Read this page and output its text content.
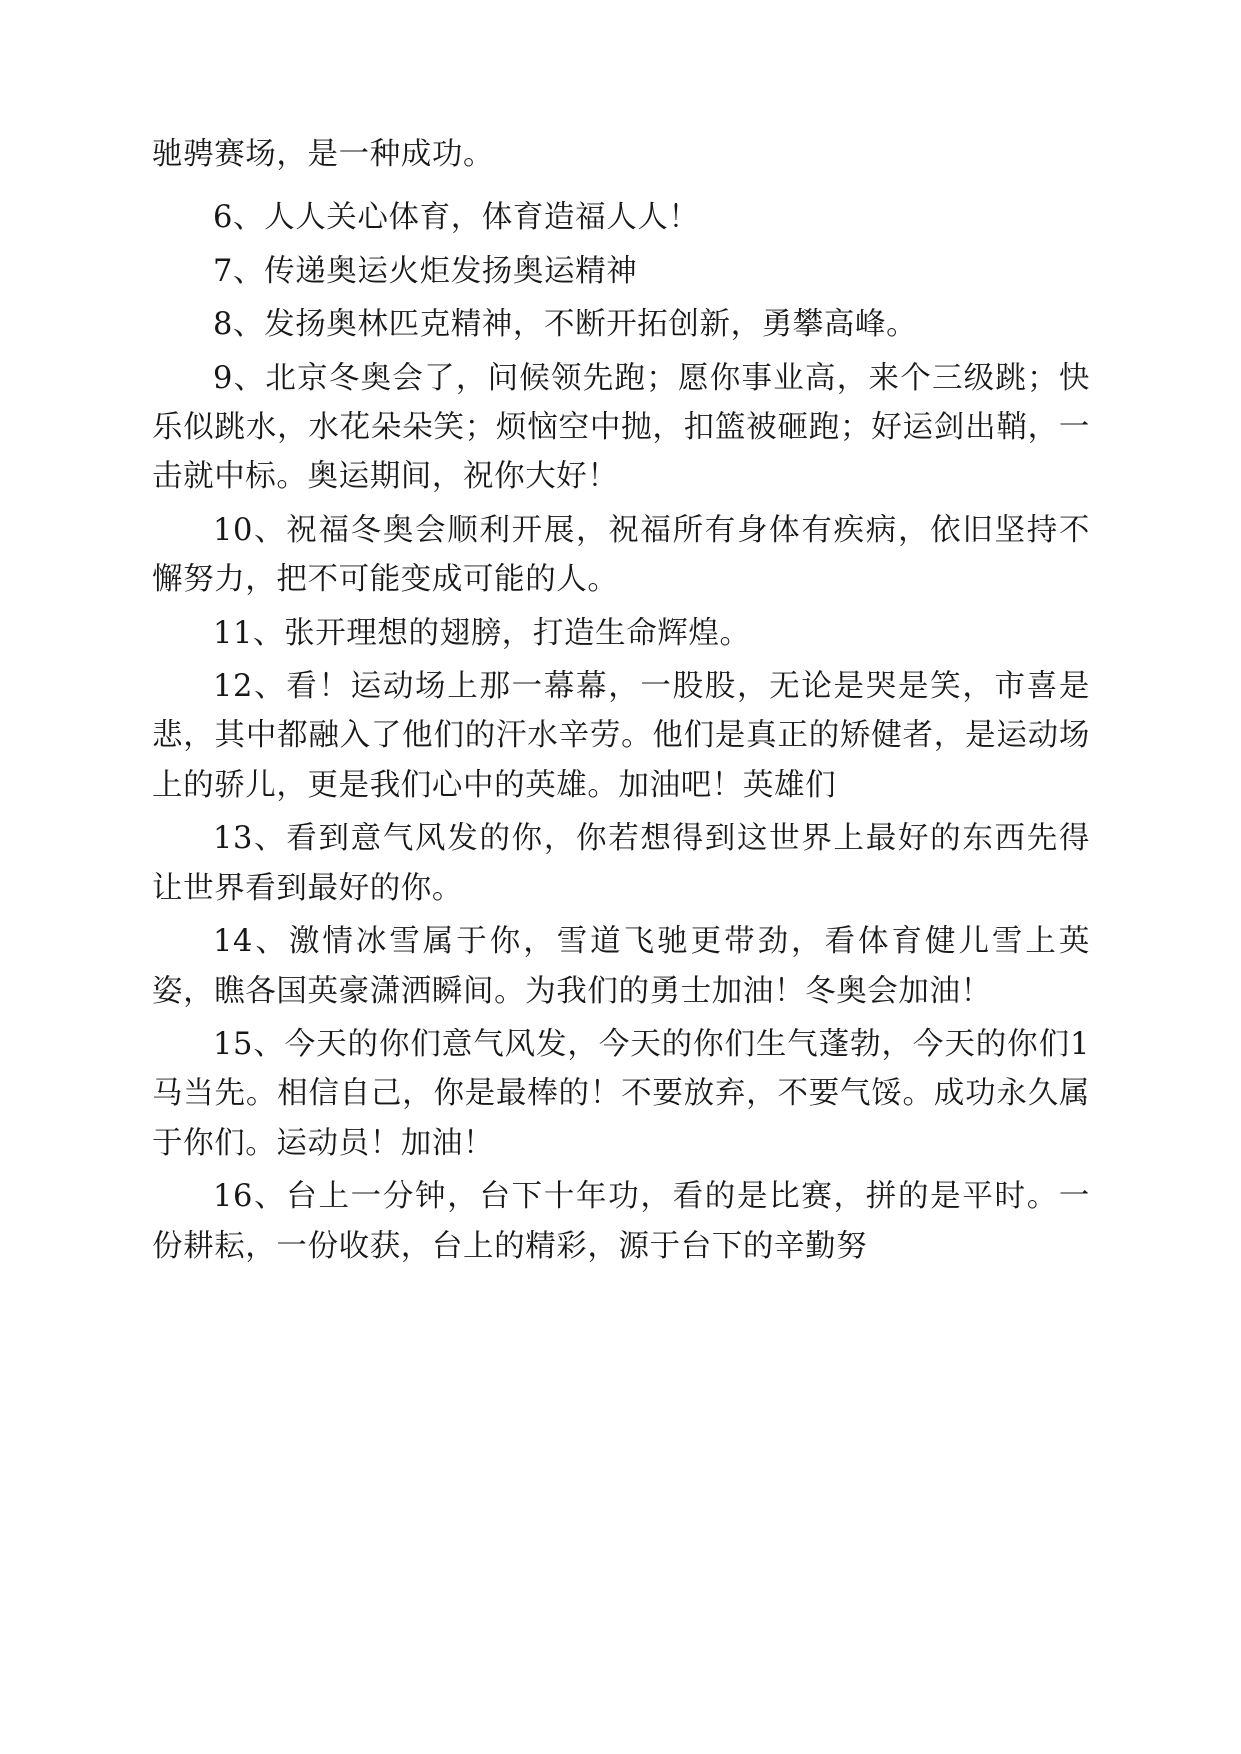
驰骋赛场，是一种成功。

6、人人关心体育，体育造福人人！

7、传递奥运火炬发扬奥运精神

8、发扬奥林匹克精神，不断开拓创新，勇攀高峰。

9、北京冬奥会了，问候领先跑；愿你事业高，来个三级跳；快乐似跳水，水花朵朵笑；烦恼空中抛，扣篮被砸跑；好运剑出鞘，一击就中标。奥运期间，祝你大好！

10、祝福冬奥会顺利开展，祝福所有身体有疾病，依旧坚持不懈努力，把不可能变成可能的人。

11、张开理想的翅膀，打造生命辉煌。

12、看！运动场上那一幕幕，一股股，无论是哭是笑，市喜是悲，其中都融入了他们的汗水辛劳。他们是真正的矫健者，是运动场上的骄儿，更是我们心中的英雄。加油吧！英雄们

13、看到意气风发的你，你若想得到这世界上最好的东西先得让世界看到最好的你。

14、激情冰雪属于你，雪道飞驰更带劲，看体育健儿雪上英姿，瞧各国英豪潇洒瞬间。为我们的勇士加油！冬奥会加油！

15、今天的你们意气风发，今天的你们生气蓬勃，今天的你们1马当先。相信自己，你是最棒的！不要放弃，不要气馁。成功永久属于你们。运动员！加油！

16、台上一分钟，台下十年功，看的是比赛，拼的是平时。一份耕耘，一份收获，台上的精彩，源于台下的辛勤努
